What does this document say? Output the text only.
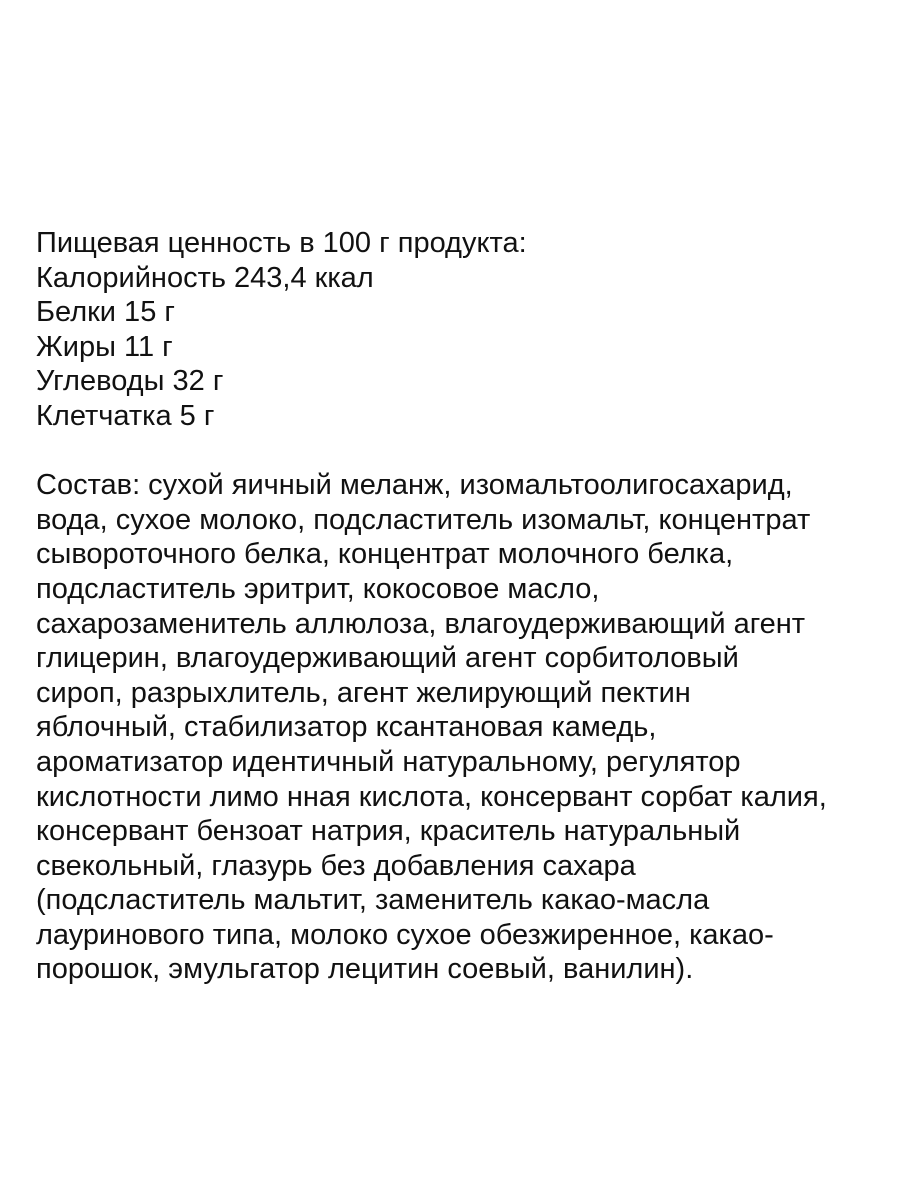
Пищевая ценность в 100 г продукта:
Калорийность 243,4 ккал
Белки 15 г
Жиры 11 г
Углеводы 32 г
Клетчатка 5 г
Состав: сухой яичный меланж, изомальтоолигосахарид,
вода, сухое молоко, подсластитель изомальт, концентрат
сывороточного белка, концентрат молочного белка,
подсластитель эритрит, кокосовое масло,
сахарозаменитель аллюлоза, влагоудерживающий агент
глицерин, влагоудерживающий агент сорбитоловый
сироп, разрыхлитель, агент желирующий пектин
яблочный, стабилизатор ксантановая камедь,
ароматизатор идентичный натуральному, регулятор
кислотности лимо нная кислота, консервант сорбат калия,
консервант бензоат натрия, краситель натуральный
свекольный, глазурь без добавления сахара
(подсластитель мальтит, заменитель какао-масла
лауринового типа, молоко сухое обезжиренное, какао-
порошок, эмульгатор лецитин соевый, ванилин).
